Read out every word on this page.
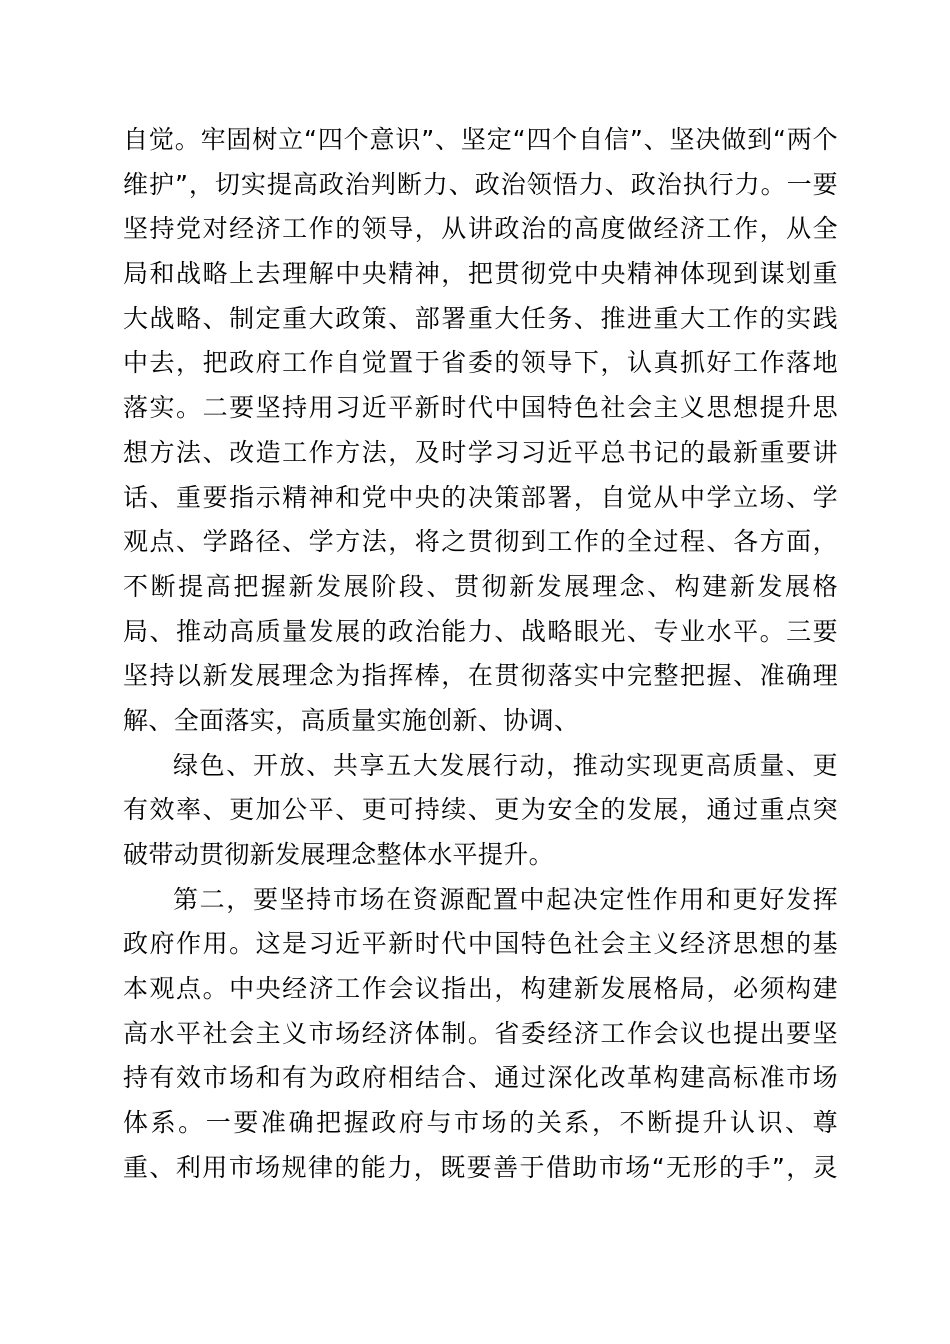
自觉。牢固树立“四个意识”、坚定“四个自信”、坚决做到“两个
维护”，切实提高政治判断力、政治领悟力、政治执行力。一要
坚持党对经济工作的领导，从讲政治的高度做经济工作，从全
局和战略上去理解中央精神，把贯彻党中央精神体现到谋划重
大战略、制定重大政策、部署重大任务、推进重大工作的实践
中去，把政府工作自觉置于省委的领导下，认真抓好工作落地
落实。二要坚持用习近平新时代中国特色社会主义思想提升思
想方法、改造工作方法，及时学习习近平总书记的最新重要讲
话、重要指示精神和党中央的决策部署，自觉从中学立场、学
观点、学路径、学方法，将之贯彻到工作的全过程、各方面，
不断提高把握新发展阶段、贯彻新发展理念、构建新发展格
局、推动高质量发展的政治能力、战略眼光、专业水平。三要
坚持以新发展理念为指挥棒，在贯彻落实中完整把握、准确理
解、全面落实，高质量实施创新、协调、
绿色、开放、共享五大发展行动，推动实现更高质量、更
有效率、更加公平、更可持续、更为安全的发展，通过重点突
破带动贯彻新发展理念整体水平提升。
第二，要坚持市场在资源配置中起决定性作用和更好发挥
政府作用。这是习近平新时代中国特色社会主义经济思想的基
本观点。中央经济工作会议指出，构建新发展格局，必须构建
高水平社会主义市场经济体制。省委经济工作会议也提出要坚
持有效市场和有为政府相结合、通过深化改革构建高标准市场
体系。一要准确把握政府与市场的关系，不断提升认识、尊
重、利用市场规律的能力，既要善于借助市场“无形的手”，灵
